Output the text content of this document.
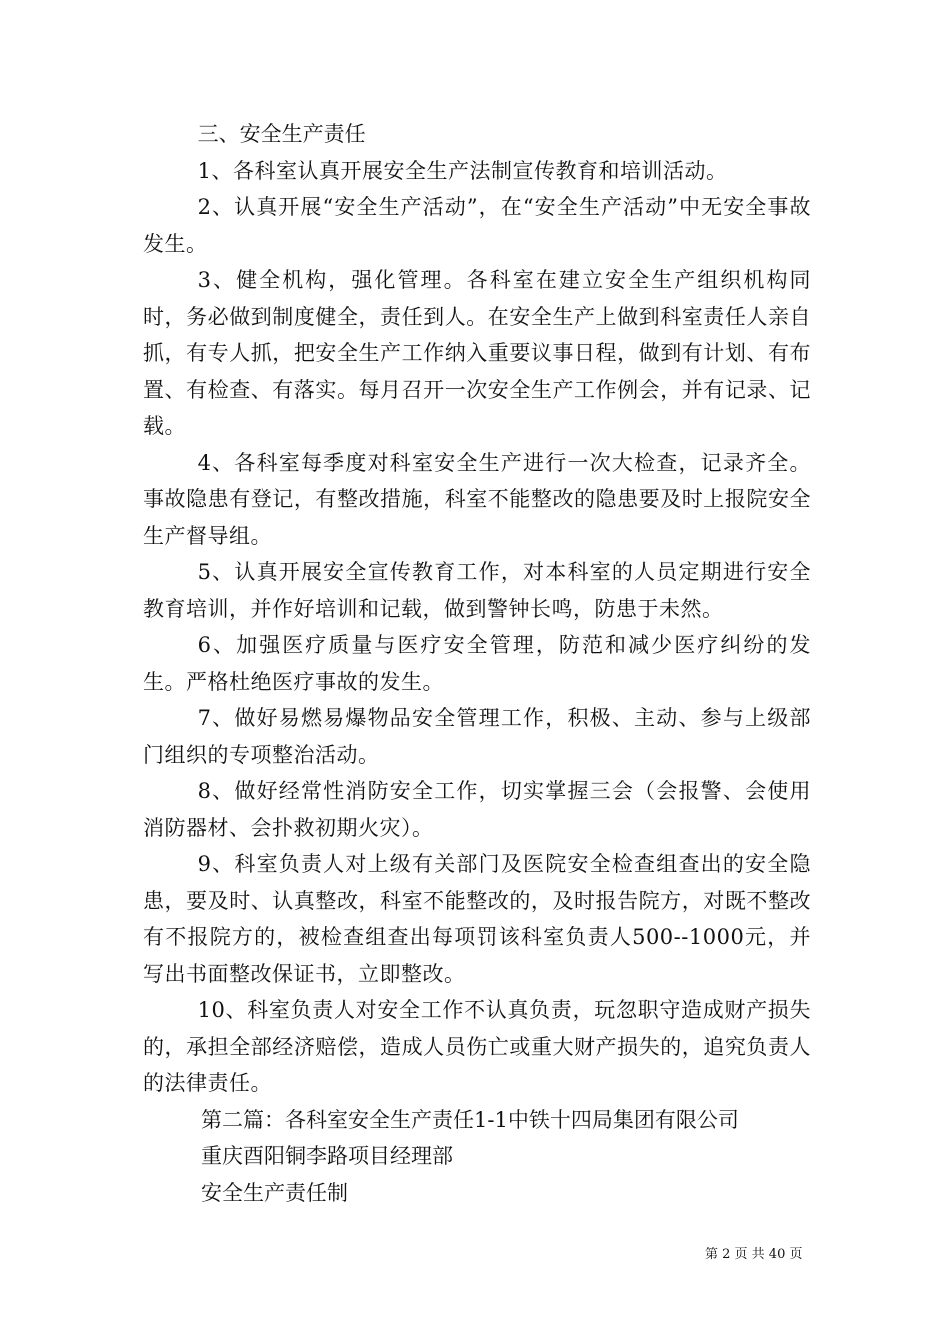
三、安全生产责任

1、各科室认真开展安全生产法制宣传教育和培训活动。

2、认真开展“安全生产活动”，在“安全生产活动”中无安全事故发生。

3、健全机构，强化管理。各科室在建立安全生产组织机构同时，务必做到制度健全，责任到人。在安全生产上做到科室责任人亲自抓，有专人抓，把安全生产工作纳入重要议事日程，做到有计划、有布置、有检查、有落实。每月召开一次安全生产工作例会，并有记录、记载。

4、各科室每季度对科室安全生产进行一次大检查，记录齐全。事故隐患有登记，有整改措施，科室不能整改的隐患要及时上报院安全生产督导组。

5、认真开展安全宣传教育工作，对本科室的人员定期进行安全教育培训，并作好培训和记载，做到警钟长鸣，防患于未然。

6、加强医疗质量与医疗安全管理，防范和减少医疗纠纷的发生。严格杜绝医疗事故的发生。

7、做好易燃易爆物品安全管理工作，积极、主动、参与上级部门组织的专项整治活动。

8、做好经常性消防安全工作，切实掌握三会（会报警、会使用消防器材、会扑救初期火灾）。

9、科室负责人对上级有关部门及医院安全检查组查出的安全隐患，要及时、认真整改，科室不能整改的，及时报告院方，对既不整改有不报院方的，被检查组查出每项罚该科室负责人500--1000元，并写出书面整改保证书，立即整改。

10、科室负责人对安全工作不认真负责，玩忽职守造成财产损失的，承担全部经济赔偿，造成人员伤亡或重大财产损失的，追究负责人的法律责任。

第二篇：各科室安全生产责任1-1中铁十四局集团有限公司

重庆酉阳铜李路项目经理部

安全生产责任制

第 2 页 共 40 页
